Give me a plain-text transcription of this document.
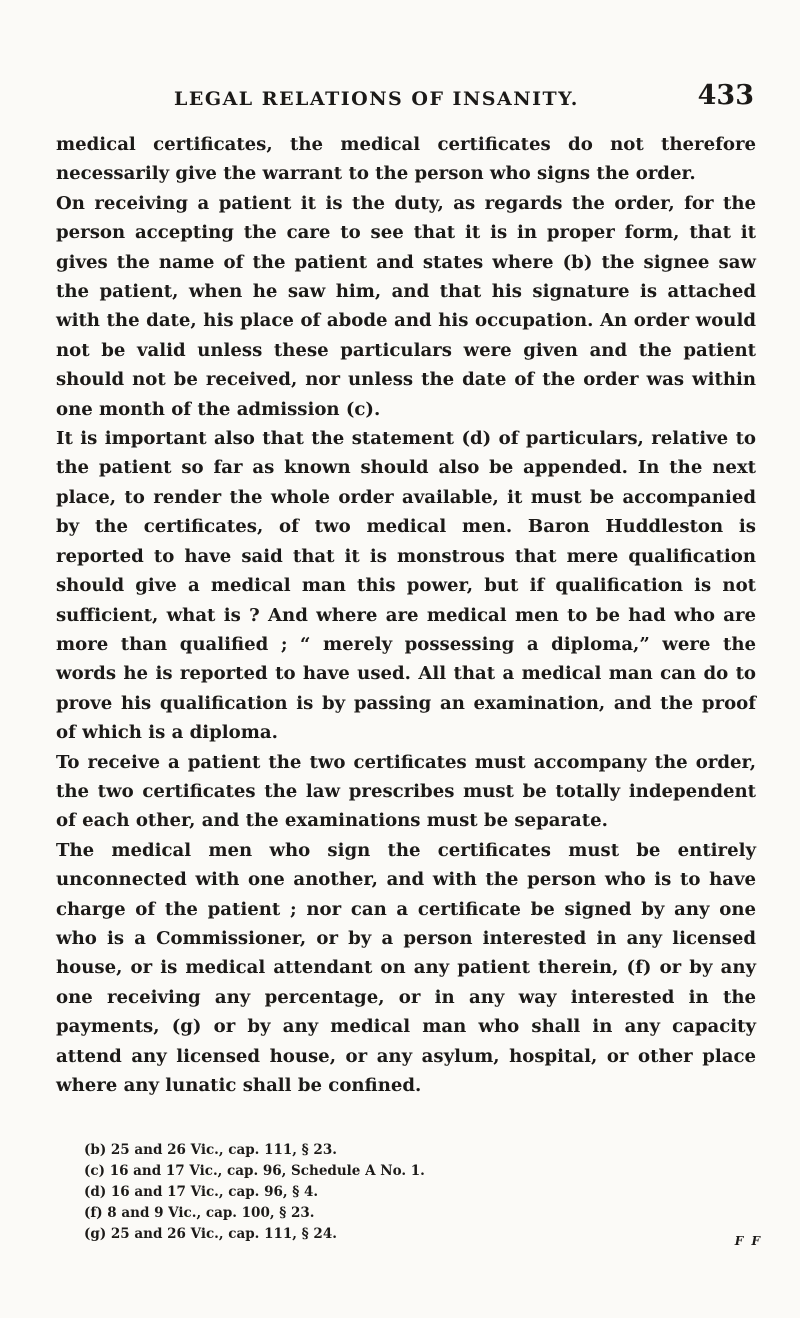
LEGAL RELATIONS OF INSANITY.	433

medical certificates, the medical certificates do not therefore necessarily give the warrant to the person who signs the order.

On receiving a patient it is the duty, as regards the order, for the person accepting the care to see that it is in proper form, that it gives the name of the patient and states where (b) the signee saw the patient, when he saw him, and that his signature is attached with the date, his place of abode and his occupation. An order would not be valid unless these particulars were given and the patient should not be received, nor unless the date of the order was within one month of the admission (c).

It is important also that the statement (d) of particulars, relative to the patient so far as known should also be appended. In the next place, to render the whole order available, it must be accompanied by the certificates, of two medical men. Baron Huddleston is reported to have said that it is monstrous that mere qualification should give a medical man this power, but if qualification is not sufficient, what is ? And where are medical men to be had who are more than qualified ; “ merely possessing a diploma,” were the words he is reported to have used. All that a medical man can do to prove his qualification is by passing an examination, and the proof of which is a diploma.

To receive a patient the two certificates must accompany the order, the two certificates the law prescribes must be totally independent of each other, and the examinations must be separate.

The medical men who sign the certificates must be entirely unconnected with one another, and with the person who is to have charge of the patient ; nor can a certificate be signed by any one who is a Commissioner, or by a person interested in any licensed house, or is medical attendant on any patient therein, (f) or by any one receiving any percentage, or in any way interested in the payments, (g) or by any medical man who shall in any capacity attend any licensed house, or any asylum, hospital, or other place where any lunatic shall be confined.

(b) 25 and 26 Vic., cap. 111, § 23.
(c) 16 and 17 Vic., cap. 96, Schedule A No. 1.
(d) 16 and 17 Vic., cap. 96, § 4.
(f) 8 and 9 Vic., cap. 100, § 23.
(g) 25 and 26 Vic., cap. 111, § 24.	F F
